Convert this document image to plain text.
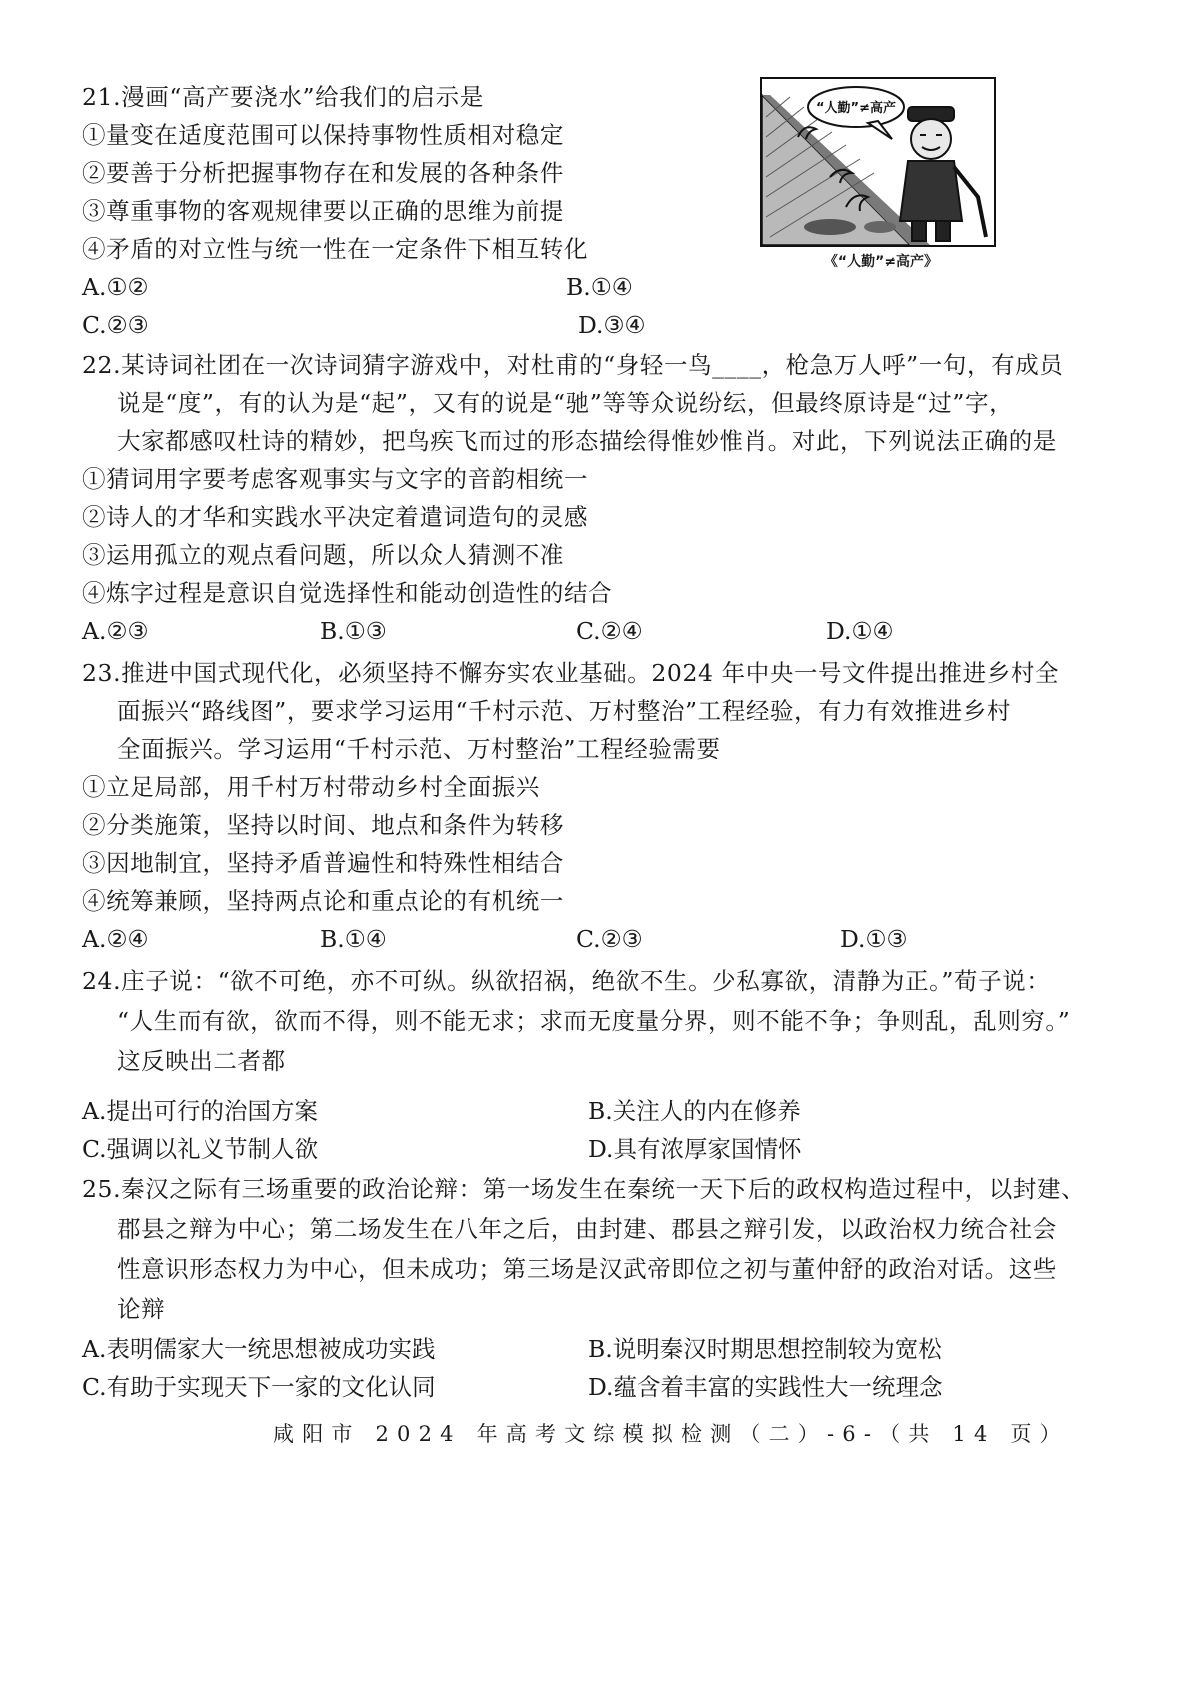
21.漫画“高产要浇水”给我们的启示是
①量变在适度范围可以保持事物性质相对稳定
②要善于分析把握事物存在和发展的各种条件
③尊重事物的客观规律要以正确的思维为前提
④矛盾的对立性与统一性在一定条件下相互转化
A.①②	B.①④
C.②③	D.③④
“人勤”≠高产
《“人勤”≠高产》
22.某诗词社团在一次诗词猜字游戏中，对杜甫的“身轻一鸟____，枪急万人呼”一句，有成员
说是“度”，有的认为是“起”，又有的说是“驰”等等众说纷纭，但最终原诗是“过”字，
大家都感叹杜诗的精妙，把鸟疾飞而过的形态描绘得惟妙惟肖。对此，下列说法正确的是
①猜词用字要考虑客观事实与文字的音韵相统一
②诗人的才华和实践水平决定着遣词造句的灵感
③运用孤立的观点看问题，所以众人猜测不准
④炼字过程是意识自觉选择性和能动创造性的结合
A.②③	B.①③	C.②④	D.①④
23.推进中国式现代化，必须坚持不懈夯实农业基础。2024 年中央一号文件提出推进乡村全
面振兴“路线图”，要求学习运用“千村示范、万村整治”工程经验，有力有效推进乡村
全面振兴。学习运用“千村示范、万村整治”工程经验需要
①立足局部，用千村万村带动乡村全面振兴
②分类施策，坚持以时间、地点和条件为转移
③因地制宜，坚持矛盾普遍性和特殊性相结合
④统筹兼顾，坚持两点论和重点论的有机统一
A.②④	B.①④	C.②③	D.①③
24.庄子说：“欲不可绝，亦不可纵。纵欲招祸，绝欲不生。少私寡欲，清静为正。”荀子说：
“人生而有欲，欲而不得，则不能无求；求而无度量分界，则不能不争；争则乱，乱则穷。”
这反映出二者都
A.提出可行的治国方案	B.关注人的内在修养
C.强调以礼义节制人欲	D.具有浓厚家国情怀
25.秦汉之际有三场重要的政治论辩：第一场发生在秦统一天下后的政权构造过程中，以封建、
郡县之辩为中心；第二场发生在八年之后，由封建、郡县之辩引发，以政治权力统合社会
性意识形态权力为中心，但未成功；第三场是汉武帝即位之初与董仲舒的政治对话。这些
论辩
A.表明儒家大一统思想被成功实践	B.说明秦汉时期思想控制较为宽松
C.有助于实现天下一家的文化认同	D.蕴含着丰富的实践性大一统理念
咸阳市 2024 年高考文综模拟检测（二）-6-（共 14 页）
